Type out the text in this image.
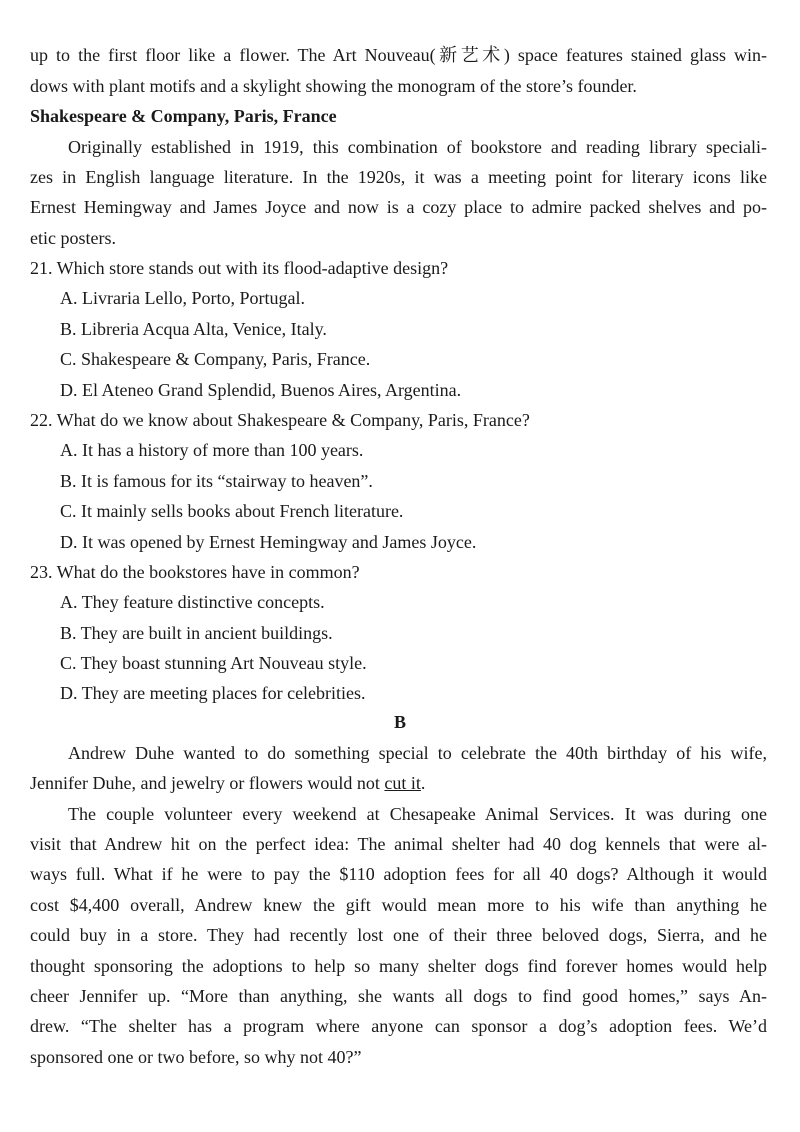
up to the first floor like a flower. The Art Nouveau(新艺术) space features stained glass win-
dows with plant motifs and a skylight showing the monogram of the store’s founder.
Shakespeare & Company, Paris, France
Originally established in 1919, this combination of bookstore and reading library speciali-
zes in English language literature. In the 1920s, it was a meeting point for literary icons like
Ernest Hemingway and James Joyce and now is a cozy place to admire packed shelves and po-
etic posters.
21. Which store stands out with its flood-adaptive design?
A. Livraria Lello, Porto, Portugal.
B. Libreria Acqua Alta, Venice, Italy.
C. Shakespeare & Company, Paris, France.
D. El Ateneo Grand Splendid, Buenos Aires, Argentina.
22. What do we know about Shakespeare & Company, Paris, France?
A. It has a history of more than 100 years.
B. It is famous for its “stairway to heaven”.
C. It mainly sells books about French literature.
D. It was opened by Ernest Hemingway and James Joyce.
23. What do the bookstores have in common?
A. They feature distinctive concepts.
B. They are built in ancient buildings.
C. They boast stunning Art Nouveau style.
D. They are meeting places for celebrities.
B
Andrew Duhe wanted to do something special to celebrate the 40th birthday of his wife,
Jennifer Duhe, and jewelry or flowers would not cut it.
The couple volunteer every weekend at Chesapeake Animal Services. It was during one
visit that Andrew hit on the perfect idea: The animal shelter had 40 dog kennels that were al-
ways full. What if he were to pay the $110 adoption fees for all 40 dogs? Although it would
cost $4,400 overall, Andrew knew the gift would mean more to his wife than anything he
could buy in a store. They had recently lost one of their three beloved dogs, Sierra, and he
thought sponsoring the adoptions to help so many shelter dogs find forever homes would help
cheer Jennifer up. “More than anything, she wants all dogs to find good homes,” says An-
drew. “The shelter has a program where anyone can sponsor a dog’s adoption fees. We’d
sponsored one or two before, so why not 40?”
